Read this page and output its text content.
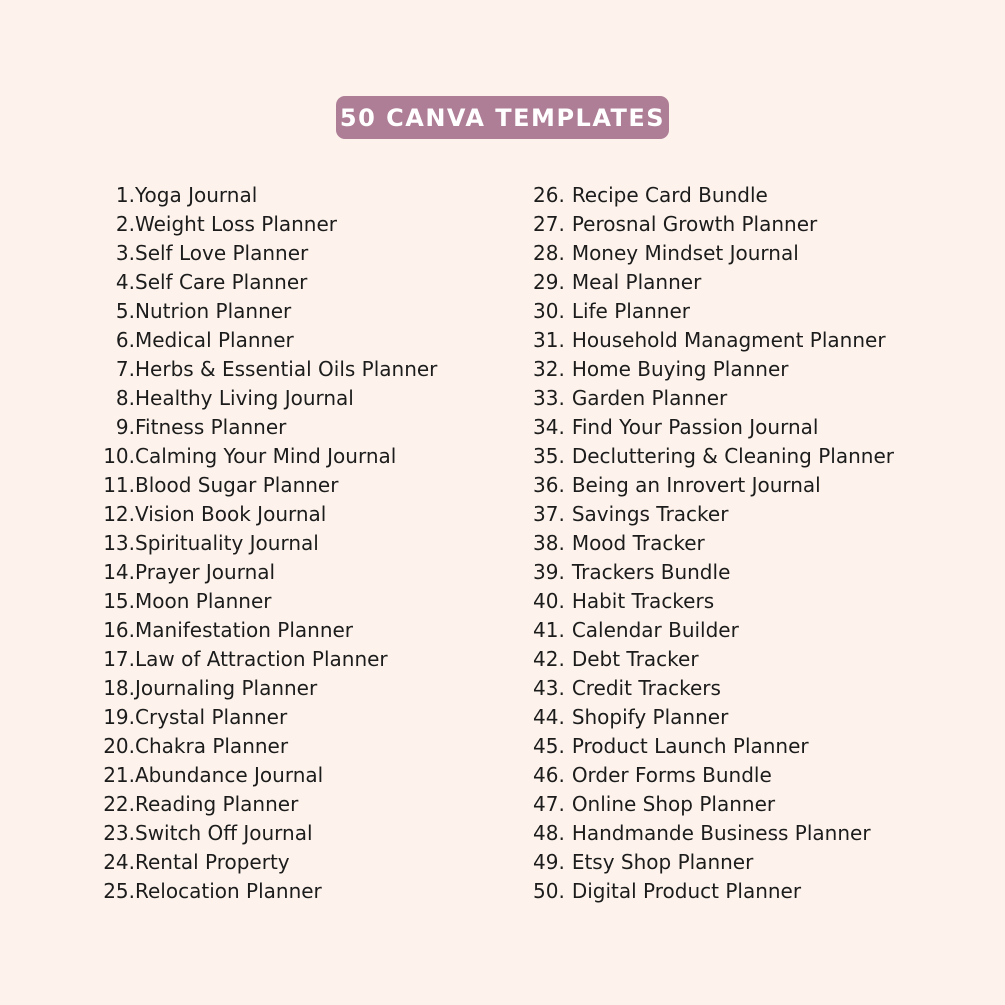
50 CANVA TEMPLATES
1. Yoga Journal
2. Weight Loss Planner
3. Self Love Planner
4. Self Care Planner
5. Nutrion Planner
6. Medical Planner
7. Herbs & Essential Oils Planner
8. Healthy Living Journal
9. Fitness Planner
10. Calming Your Mind Journal
11. Blood Sugar Planner
12. Vision Book Journal
13. Spirituality Journal
14. Prayer Journal
15. Moon Planner
16. Manifestation Planner
17. Law of Attraction Planner
18. Journaling Planner
19. Crystal Planner
20. Chakra Planner
21. Abundance Journal
22. Reading Planner
23. Switch Off Journal
24. Rental Property
25. Relocation Planner
26. Recipe Card Bundle
27. Perosnal Growth Planner
28. Money Mindset Journal
29. Meal Planner
30. Life Planner
31. Household Managment Planner
32. Home Buying Planner
33. Garden Planner
34. Find Your Passion Journal
35. Decluttering & Cleaning Planner
36. Being an Inrovert Journal
37. Savings Tracker
38. Mood Tracker
39. Trackers Bundle
40. Habit Trackers
41. Calendar Builder
42. Debt Tracker
43. Credit Trackers
44. Shopify Planner
45. Product Launch Planner
46. Order Forms Bundle
47. Online Shop Planner
48. Handmande Business Planner
49. Etsy Shop Planner
50. Digital Product Planner
